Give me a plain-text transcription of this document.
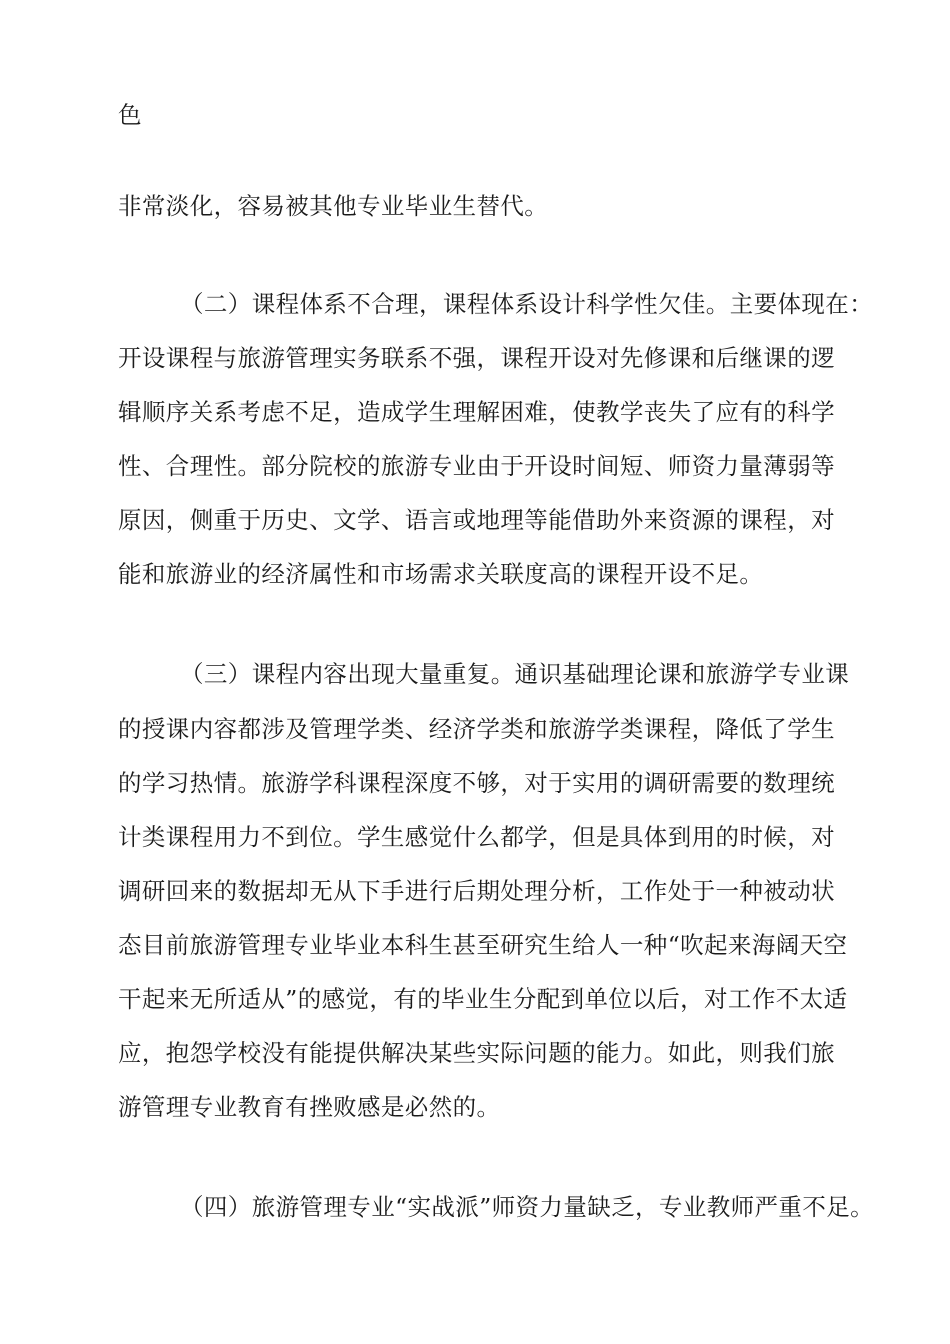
色
非常淡化，容易被其他专业毕业生替代。
（二）课程体系不合理，课程体系设计科学性欠佳。主要体现在：
开设课程与旅游管理实务联系不强，课程开设对先修课和后继课的逻
辑顺序关系考虑不足，造成学生理解困难，使教学丧失了应有的科学
性、合理性。部分院校的旅游专业由于开设时间短、师资力量薄弱等
原因，侧重于历史、文学、语言或地理等能借助外来资源的课程，对
能和旅游业的经济属性和市场需求关联度高的课程开设不足。
（三）课程内容出现大量重复。通识基础理论课和旅游学专业课
的授课内容都涉及管理学类、经济学类和旅游学类课程，降低了学生
的学习热情。旅游学科课程深度不够，对于实用的调研需要的数理统
计类课程用力不到位。学生感觉什么都学，但是具体到用的时候，对
调研回来的数据却无从下手进行后期处理分析，工作处于一种被动状
态目前旅游管理专业毕业本科生甚至研究生给人一种“吹起来海阔天空
干起来无所适从”的感觉，有的毕业生分配到单位以后，对工作不太适
应，抱怨学校没有能提供解决某些实际问题的能力。如此，则我们旅
游管理专业教育有挫败感是必然的。
（四）旅游管理专业“实战派”师资力量缺乏，专业教师严重不足。
